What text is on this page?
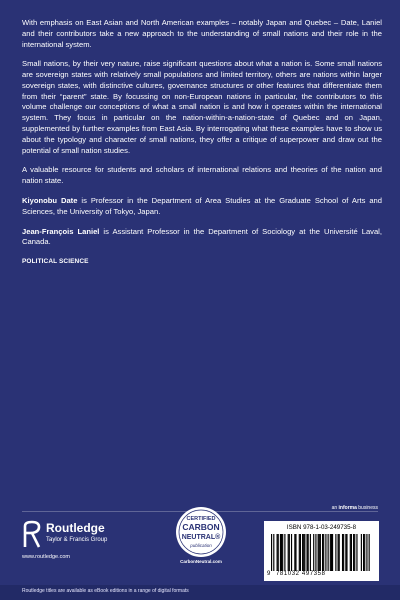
With emphasis on East Asian and North American examples – notably Japan and Quebec – Date, Laniel and their contributors take a new approach to the understanding of small nations and their role in the international system.

Small nations, by their very nature, raise significant questions about what a nation is. Some small nations are sovereign states with relatively small populations and limited territory, others are nations within larger sovereign states, with distinctive cultures, governance structures or other features that differentiate them from their “parent” state. By focussing on non-European nations in particular, the contributors to this volume challenge our conceptions of what a small nation is and how it operates within the international system. They focus in particular on the nation-within-a-nation-state of Quebec and on Japan, supplemented by further examples from East Asia. By interrogating what these examples have to show us about the typology and character of small nations, they offer a critique of superpower and draw out the potential of small nation studies.

A valuable resource for students and scholars of international relations and theories of the nation and nation state.

Kiyonobu Date is Professor in the Department of Area Studies at the Graduate School of Arts and Sciences, the University of Tokyo, Japan.

Jean-François Laniel is Assistant Professor in the Department of Sociology at the Université Laval, Canada.

POLITICAL SCIENCE

an informa business
Routledge
Taylor & Francis Group
www.routledge.com
CERTIFIED
CARBON
NEUTRAL®
publication
CarbonNeutral.com
ISBN 978-1-03-249735-8
9 781032 497358
Routledge titles are available as eBook editions in a range of digital formats
